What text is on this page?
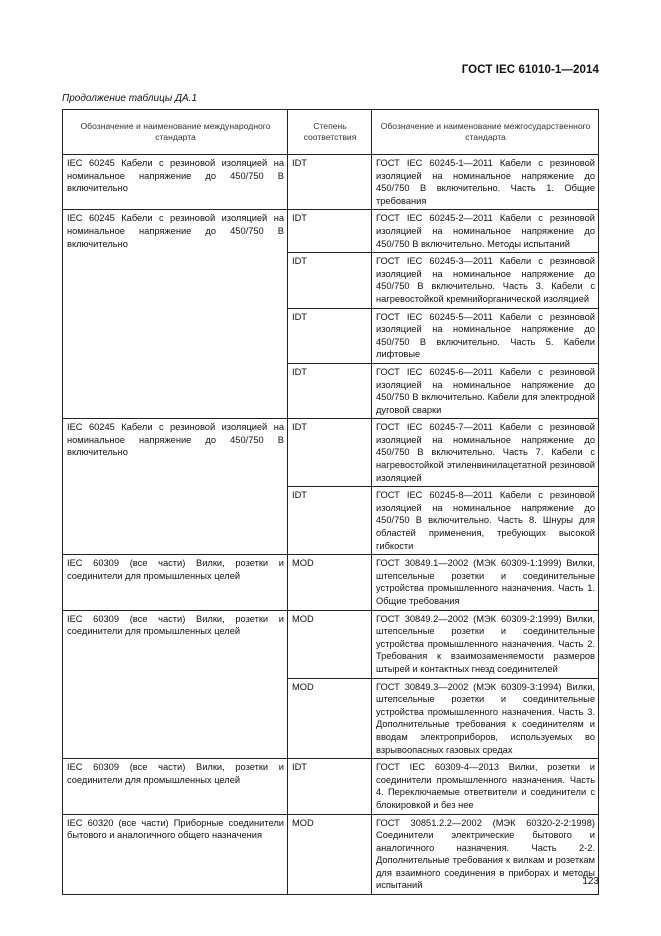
ГОСТ IEC 61010-1—2014
Продолжение таблицы ДА.1
Обозначение и наименование международного стандарта	Степень соответствия	Обозначение и наименование межгосударственного стандарта
IEC 60245 Кабели с резиновой изоляцией на номинальное напряжение до 450/750 В включительно	IDT	ГОСТ IEC 60245-1—2011 Кабели с резиновой изоляцией на номинальное напряжение до 450/750 В включительно. Часть 1. Общие требования
IEC 60245 Кабели с резиновой изоляцией на номинальное напряжение до 450/750 В включительно	IDT	ГОСТ IEC 60245-2—2011 Кабели с резиновой изоляцией на номинальное напряжение до 450/750 В включительно. Методы испытаний
	IDT	ГОСТ IEC 60245-3—2011 Кабели с резиновой изоляцией на номинальное напряжение до 450/750 В включительно. Часть 3. Кабели с нагревостойкой кремнийорганической изоляцией
	IDT	ГОСТ IEC 60245-5—2011 Кабели с резиновой изоляцией на номинальное напряжение до 450/750 В включительно. Часть 5. Кабели лифтовые
	IDT	ГОСТ IEC 60245-6—2011 Кабели с резиновой изоляцией на номинальное напряжение до 450/750 В включительно. Кабели для электродной дуговой сварки
IEC 60245 Кабели с резиновой изоляцией на номинальное напряжение до 450/750 В включительно	IDT	ГОСТ IEC 60245-7—2011 Кабели с резиновой изоляцией на номинальное напряжение до 450/750 В включительно. Часть 7. Кабели с нагревостойкой этиленвинилацетатной резиновой изоляцией
	IDT	ГОСТ IEC 60245-8—2011 Кабели с резиновой изоляцией на номинальное напряжение до 450/750 В включительно. Часть 8. Шнуры для областей применения, требующих высокой гибкости
IEC 60309 (все части) Вилки, розетки и соединители для промышленных целей	MOD	ГОСТ 30849.1—2002 (МЭК 60309-1:1999) Вилки, штепсельные розетки и соединительные устройства промышленного назначения. Часть 1. Общие требования
IEC 60309 (все части) Вилки, розетки и соединители для промышленных целей	MOD	ГОСТ 30849.2—2002 (МЭК 60309-2:1999) Вилки, штепсельные розетки и соединительные устройства промышленного назначения. Часть 2. Требования к взаимозаменяемости размеров штырей и контактных гнезд соединителей
	MOD	ГОСТ 30849.3—2002 (МЭК 60309-3:1994) Вилки, штепсельные розетки и соединительные устройства промышленного назначения. Часть 3. Дополнительные требования к соединителям и вводам электроприборов, используемых во взрывоопасных газовых средах
IEC 60309 (все части) Вилки, розетки и соединители для промышленных целей	IDT	ГОСТ IEC 60309-4—2013 Вилки, розетки и соединители промышленного назначения. Часть 4. Переключаемые ответвители и соединители с блокировкой и без нее
IEC 60320 (все части) Приборные соединители бытового и аналогичного общего назначения	MOD	ГОСТ 30851.2.2—2002 (МЭК 60320-2-2:1998) Соединители электрические бытового и аналогичного назначения. Часть 2-2. Дополнительные требования к вилкам и розеткам для взаимного соединения в приборах и методы испытаний	123
